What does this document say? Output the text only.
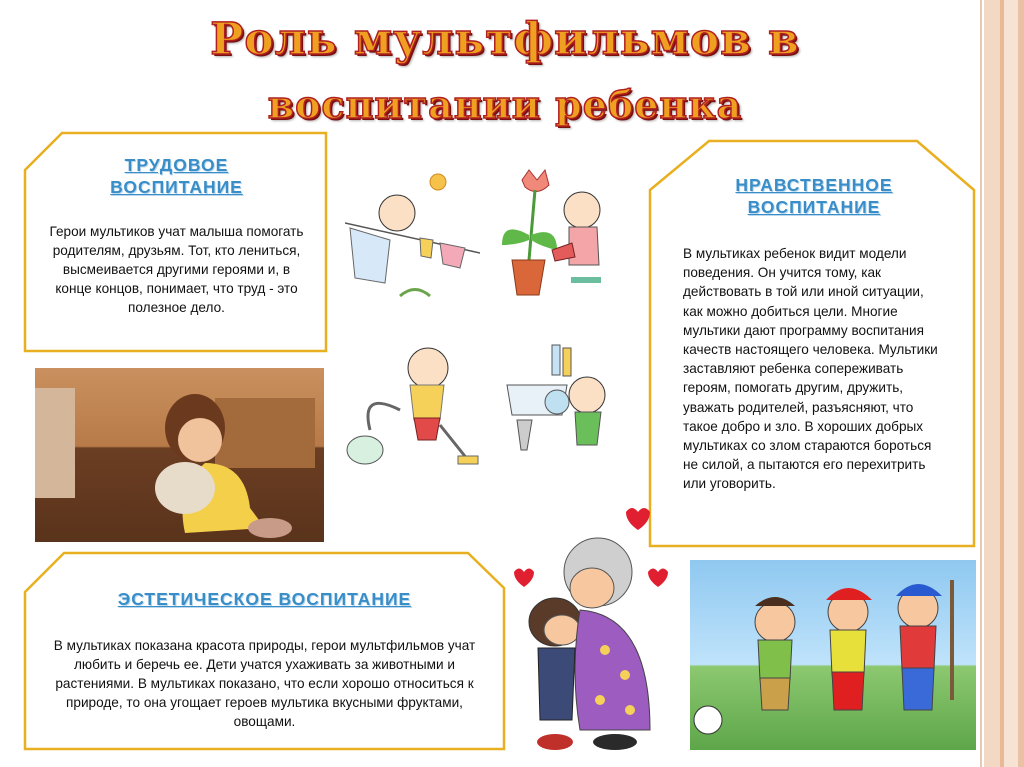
Роль мультфильмов в
воспитании ребенка
ТРУДОВОЕ
ВОСПИТАНИЕ
Герои мультиков учат малыша помогать родителям, друзьям. Тот, кто лениться, высмеивается другими героями и, в конце концов, понимает, что труд - это полезное дело.
НРАВСТВЕННОЕ
ВОСПИТАНИЕ
В мультиках ребенок видит модели поведения. Он учится тому, как действовать в той или иной ситуации, как можно добиться цели. Многие мультики дают программу воспитания качеств настоящего человека. Мультики заставляют ребенка сопереживать героям, помогать другим, дружить, уважать родителей, разъясняют, что такое добро и зло. В хороших добрых мультиках со злом стараются бороться не силой, а пытаются его перехитрить или уговорить.
ЭСТЕТИЧЕСКОЕ ВОСПИТАНИЕ
В мультиках показана красота природы, герои мультфильмов учат любить и беречь ее. Дети учатся ухаживать за животными и растениями. В мультиках показано, что если хорошо относиться к природе, то она угощает героев мультика вкусными фруктами, овощами.
